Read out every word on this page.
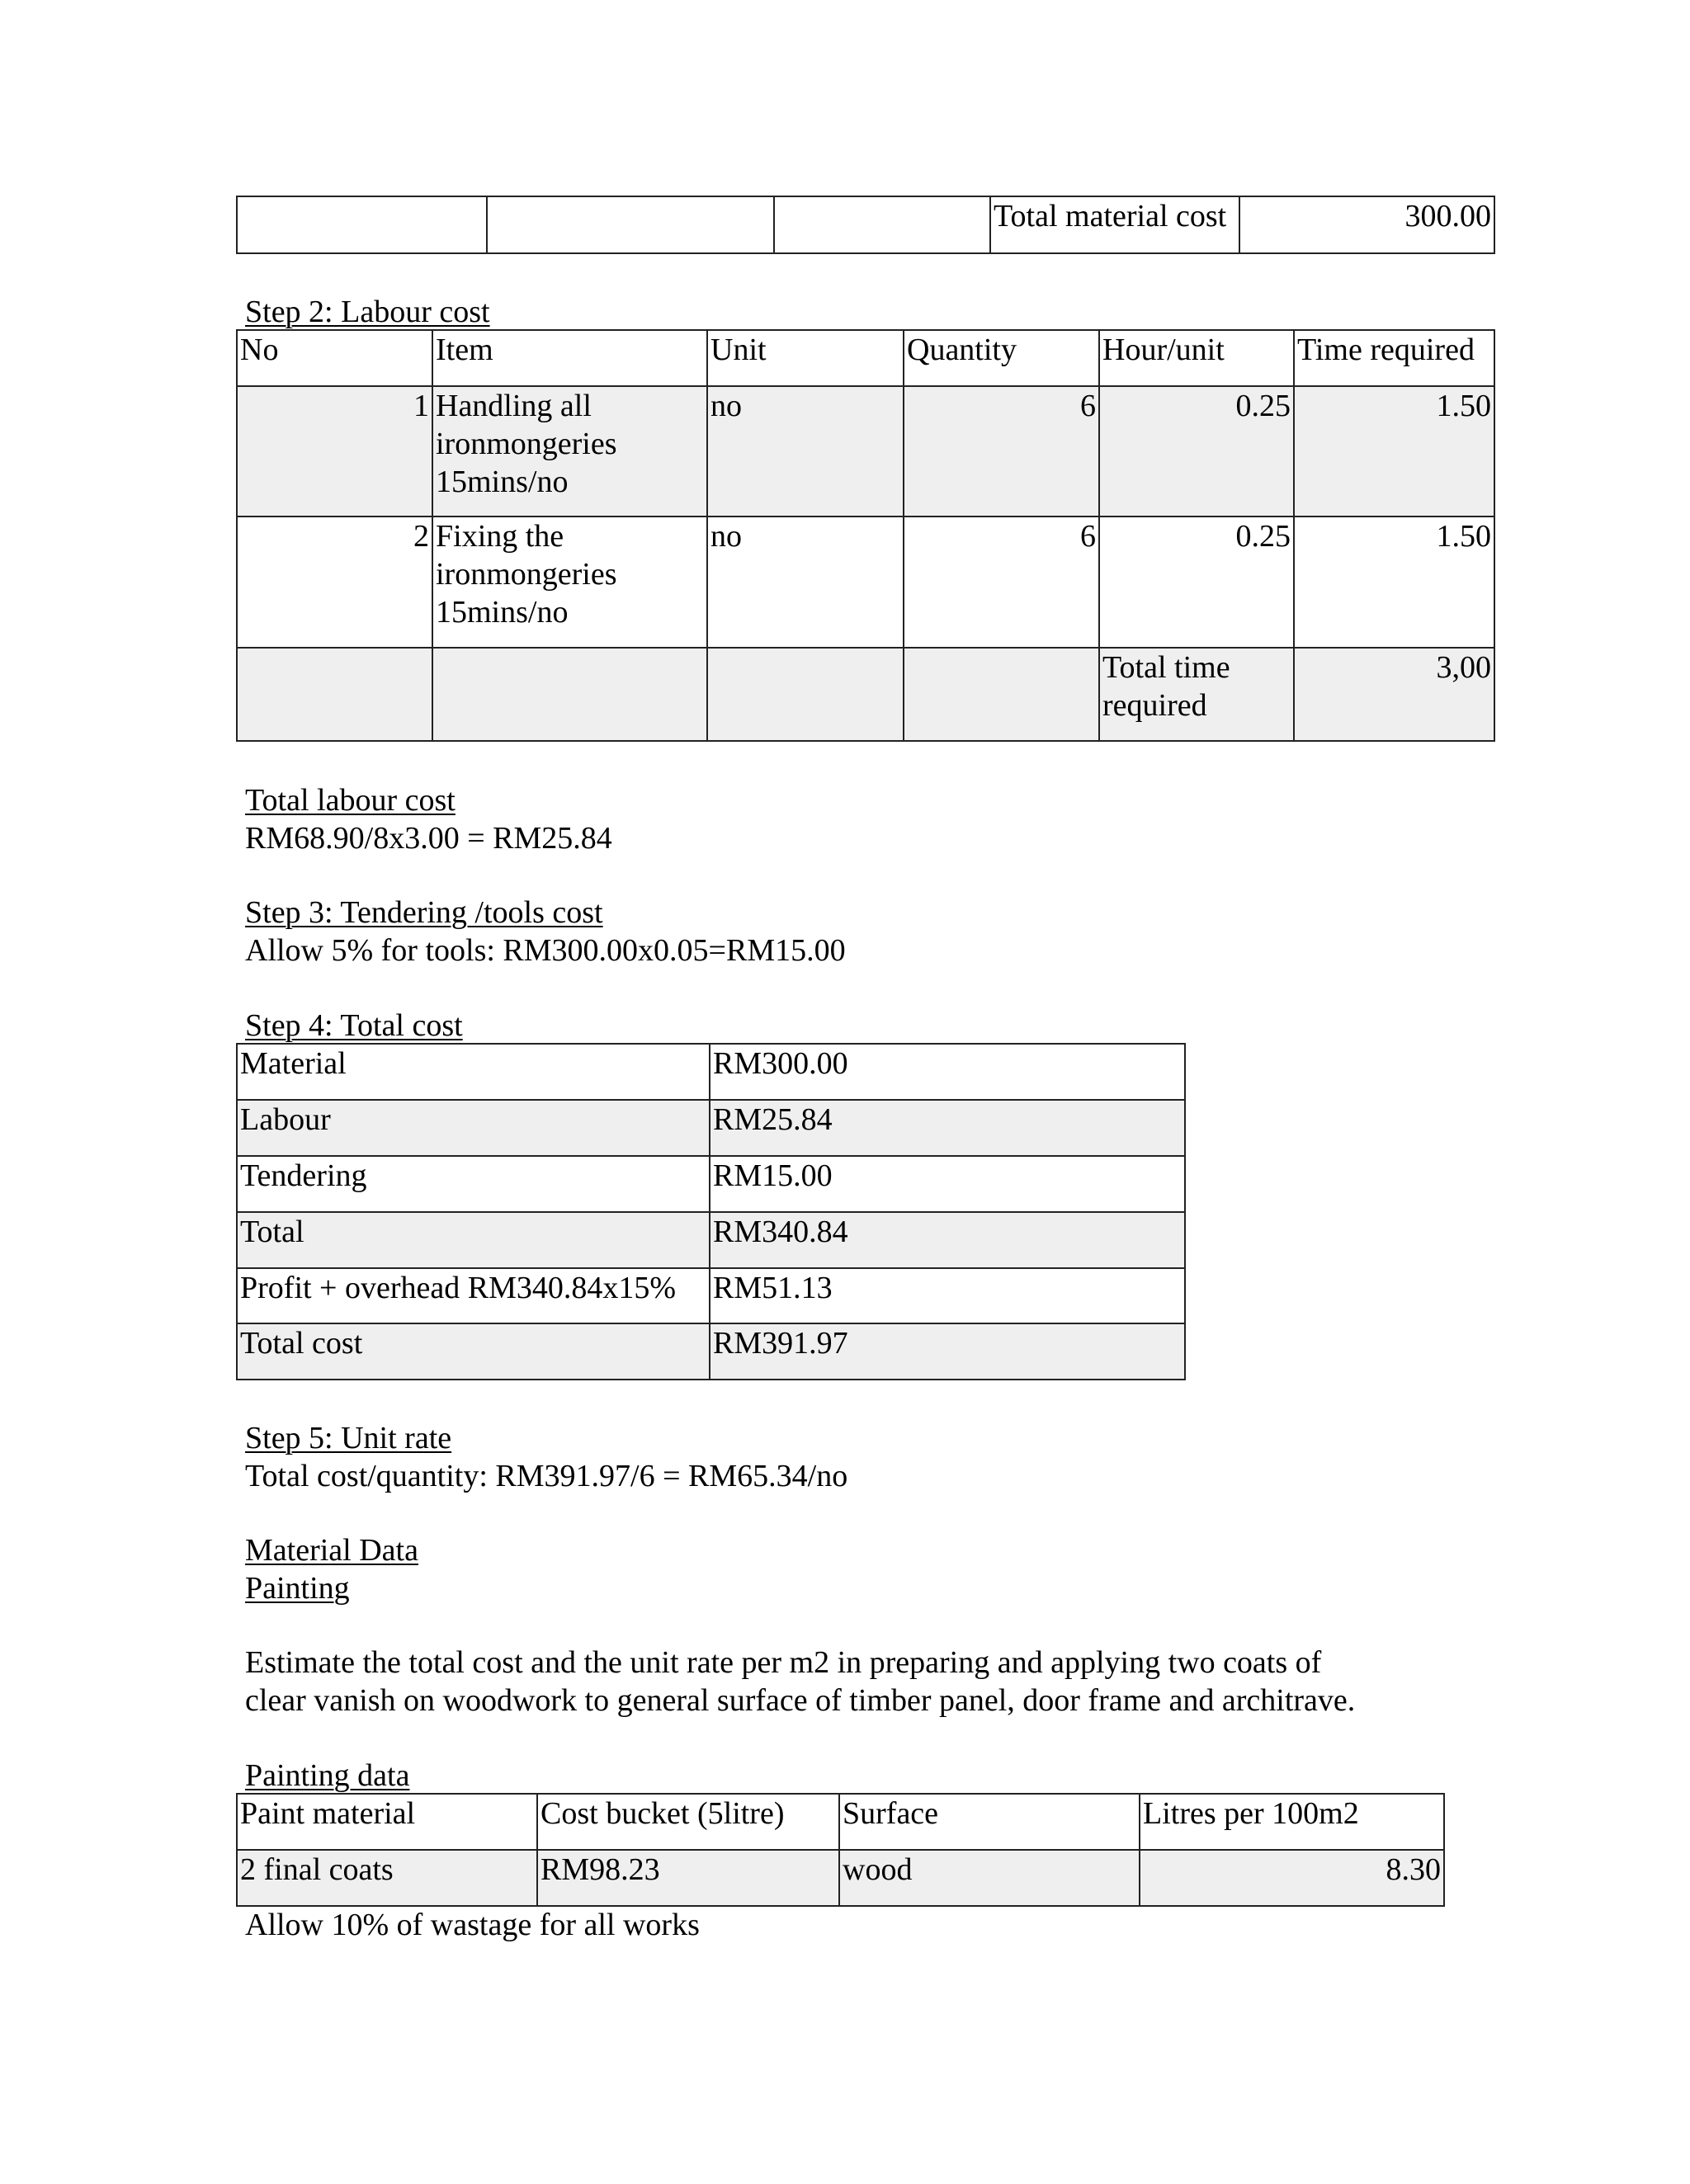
			Total material cost	300.00
Step 2: Labour cost
No	Item	Unit	Quantity	Hour/unit	Time required
1	Handling all ironmongeries 15mins/no	no	6	0.25	1.50
2	Fixing the ironmongeries 15mins/no	no	6	0.25	1.50
				Total time required	3,00
Total labour cost
RM68.90/8x3.00 = RM25.84
Step 3: Tendering /tools cost
Allow 5% for tools: RM300.00x0.05=RM15.00
Step 4: Total cost
Material	RM300.00
Labour	RM25.84
Tendering	RM15.00
Total	RM340.84
Profit + overhead RM340.84x15%	RM51.13
Total cost	RM391.97
Step 5: Unit rate
Total cost/quantity: RM391.97/6 = RM65.34/no
Material Data
Painting
Estimate the total cost and the unit rate per m2 in preparing and applying two coats of
clear vanish on woodwork to general surface of timber panel, door frame and architrave.
Painting data
Paint material	Cost bucket (5litre)	Surface	Litres per 100m2
2 final coats	RM98.23	wood	8.30
Allow 10% of wastage for all works
